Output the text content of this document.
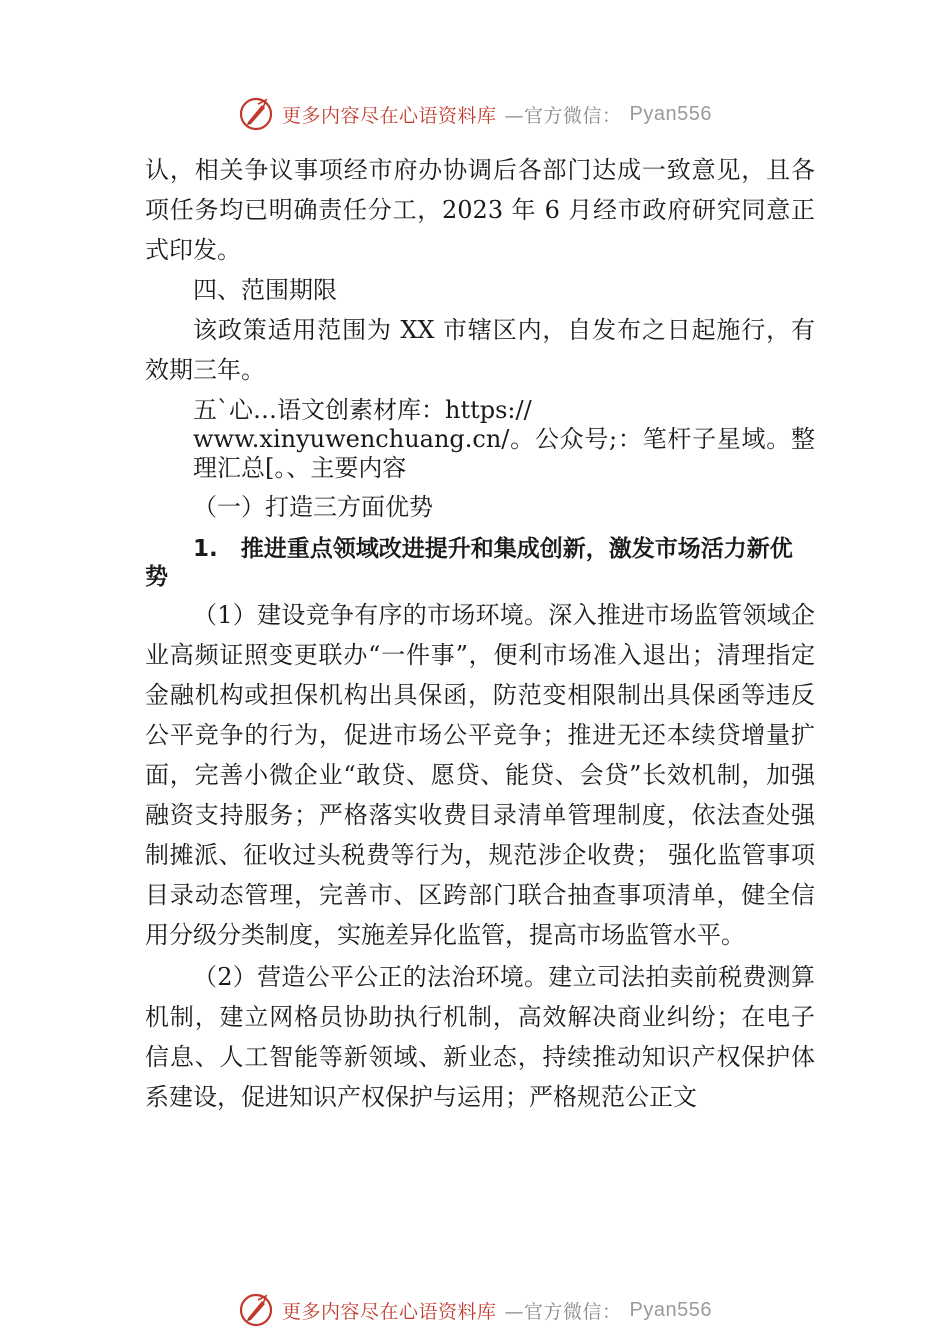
更多内容尽在心语资料库 —官方微信： Pyan556

认，相关争议事项经市府办协调后各部门达成一致意见，且各项任务均已明确责任分工，2023 年 6 月经市政府研究同意正式印发。

四、范围期限

该政策适用范围为 XX 市辖区内，自发布之日起施行，有效期三年。

五`心…语文创素材库：https://

www.xinyuwenchuang.cn/。公众号;：笔杆子星域。整理汇总[。、主要内容

（一）打造三方面优势

1.　推进重点领域改进提升和集成创新，激发市场活力新优势

（1）建设竞争有序的市场环境。深入推进市场监管领域企业高频证照变更联办“一件事”，便利市场准入退出；清理指定金融机构或担保机构出具保函，防范变相限制出具保函等违反公平竞争的行为，促进市场公平竞争；推进无还本续贷增量扩面，完善小微企业“敢贷、愿贷、能贷、会贷”长效机制，加强融资支持服务；严格落实收费目录清单管理制度，依法查处强制摊派、征收过头税费等行为，规范涉企收费； 强化监管事项目录动态管理，完善市、区跨部门联合抽查事项清单，健全信用分级分类制度，实施差异化监管，提高市场监管水平。

（2）营造公平公正的法治环境。建立司法拍卖前税费测算机制，建立网格员协助执行机制，高效解决商业纠纷；在电子信息、人工智能等新领域、新业态，持续推动知识产权保护体系建设，促进知识产权保护与运用；严格规范公正文

更多内容尽在心语资料库 —官方微信： Pyan556
